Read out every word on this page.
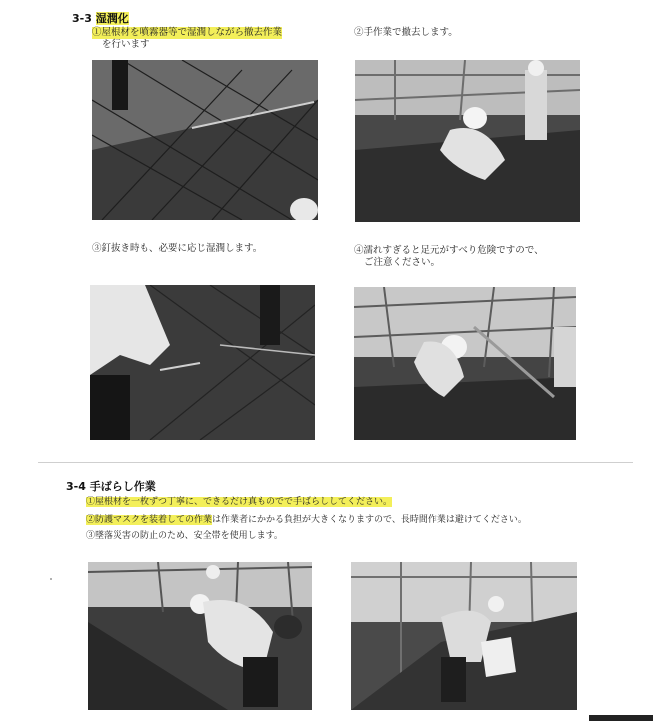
3-3 湿潤化
①屋根材を噴霧器等で湿潤しながら撤去作業
を行います
②手作業で撤去します。
③釘抜き時も、必要に応じ湿潤します。	④濡れすぎると足元がすべり危険ですので、
ご注意ください。
3-4 手ばらし作業
①屋根材を一枚ずつ丁寧に、できるだけ真ものでで手ばらししてください。
②防護マスクを装着しての作業は作業者にかかる負担が大きくなりますので、長時間作業は避けてください。
③墜落災害の防止のため、安全帯を使用します。
